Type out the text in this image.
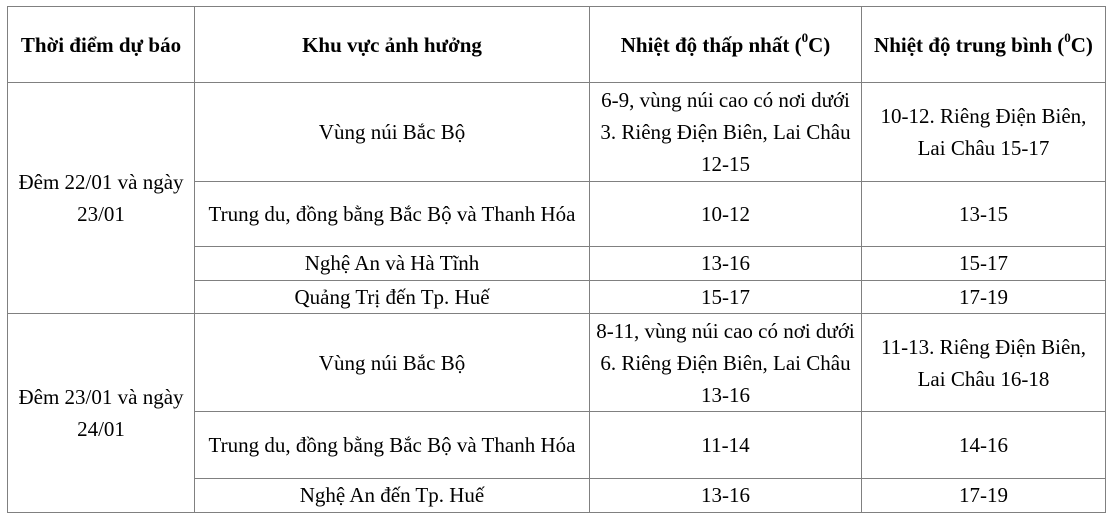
Thời điểm dự báo	Khu vực ảnh hưởng	Nhiệt độ thấp nhất ($^0$C)	Nhiệt độ trung bình ($^0$C)
Đêm 22/01 và ngày 23/01	Vùng núi Bắc Bộ	6-9, vùng núi cao có nơi dưới 3. Riêng Điện Biên, Lai Châu 12-15	10-12. Riêng Điện Biên, Lai Châu 15-17
	Trung du, đồng bằng Bắc Bộ và Thanh Hóa	10-12	13-15
	Nghệ An và Hà Tĩnh	13-16	15-17
	Quảng Trị đến Tp. Huế	15-17	17-19
Đêm 23/01 và ngày 24/01	Vùng núi Bắc Bộ	8-11, vùng núi cao có nơi dưới 6. Riêng Điện Biên, Lai Châu 13-16	11-13. Riêng Điện Biên, Lai Châu 16-18
	Trung du, đồng bằng Bắc Bộ và Thanh Hóa	11-14	14-16
	Nghệ An đến Tp. Huế	13-16	17-19
